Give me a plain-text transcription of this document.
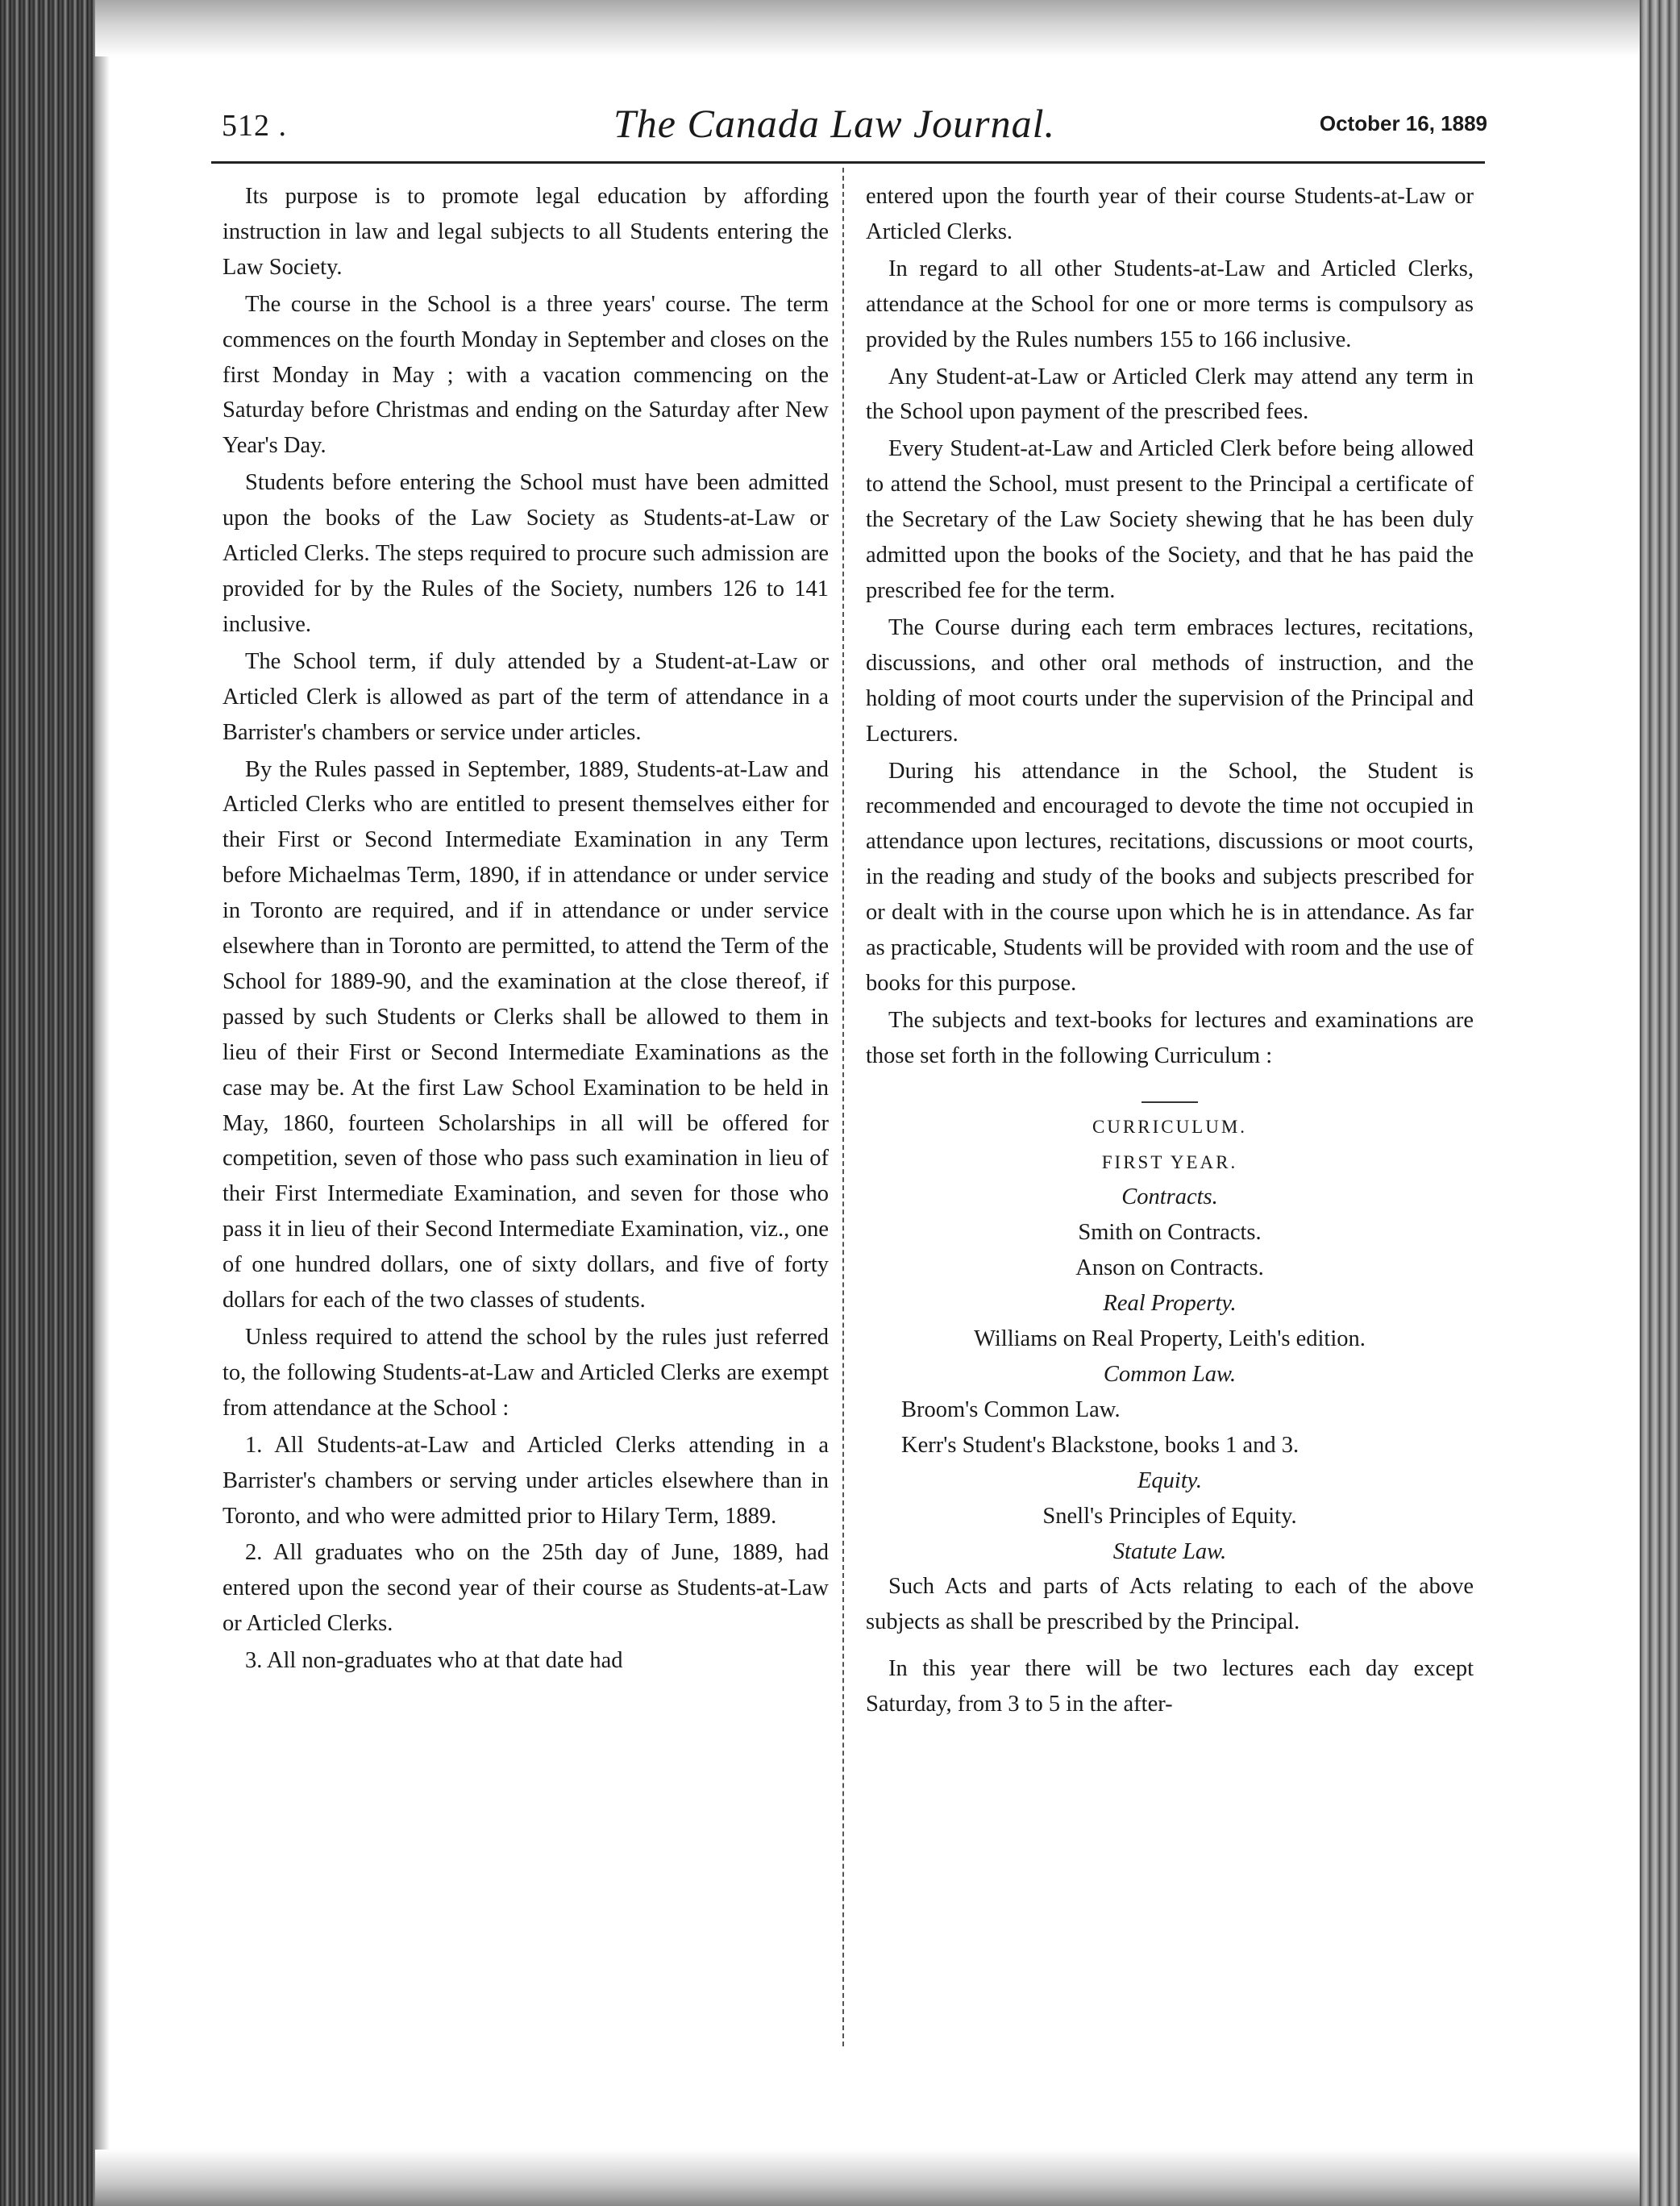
512 .	The Canada Law Journal.	October 16, 1889

Its purpose is to promote legal education by affording instruction in law and legal subjects to all Students entering the Law Society.

The course in the School is a three years' course. The term commences on the fourth Monday in September and closes on the first Monday in May ; with a vacation commencing on the Saturday before Christmas and ending on the Saturday after New Year's Day.

Students before entering the School must have been admitted upon the books of the Law Society as Students-at-Law or Articled Clerks. The steps required to procure such admission are provided for by the Rules of the Society, numbers 126 to 141 inclusive.

The School term, if duly attended by a Student-at-Law or Articled Clerk is allowed as part of the term of attendance in a Barrister's chambers or service under articles.

By the Rules passed in September, 1889, Students-at-Law and Articled Clerks who are entitled to present themselves either for their First or Second Intermediate Examination in any Term before Michaelmas Term, 1890, if in attendance or under service in Toronto are required, and if in attendance or under service elsewhere than in Toronto are permitted, to attend the Term of the School for 1889-90, and the examination at the close thereof, if passed by such Students or Clerks shall be allowed to them in lieu of their First or Second Intermediate Examinations as the case may be. At the first Law School Examination to be held in May, 1860, fourteen Scholarships in all will be offered for competition, seven of those who pass such examination in lieu of their First Intermediate Examination, and seven for those who pass it in lieu of their Second Intermediate Examination, viz., one of one hundred dollars, one of sixty dollars, and five of forty dollars for each of the two classes of students.

Unless required to attend the school by the rules just referred to, the following Students-at-Law and Articled Clerks are exempt from attendance at the School :

1. All Students-at-Law and Articled Clerks attending in a Barrister's chambers or serving under articles elsewhere than in Toronto, and who were admitted prior to Hilary Term, 1889.

2. All graduates who on the 25th day of June, 1889, had entered upon the second year of their course as Students-at-Law or Articled Clerks.

3. All non-graduates who at that date had

entered upon the fourth year of their course Students-at-Law or Articled Clerks.

In regard to all other Students-at-Law and Articled Clerks, attendance at the School for one or more terms is compulsory as provided by the Rules numbers 155 to 166 inclusive.

Any Student-at-Law or Articled Clerk may attend any term in the School upon payment of the prescribed fees.

Every Student-at-Law and Articled Clerk before being allowed to attend the School, must present to the Principal a certificate of the Secretary of the Law Society shewing that he has been duly admitted upon the books of the Society, and that he has paid the prescribed fee for the term.

The Course during each term embraces lectures, recitations, discussions, and other oral methods of instruction, and the holding of moot courts under the supervision of the Principal and Lecturers.

During his attendance in the School, the Student is recommended and encouraged to devote the time not occupied in attendance upon lectures, recitations, discussions or moot courts, in the reading and study of the books and subjects prescribed for or dealt with in the course upon which he is in attendance. As far as practicable, Students will be provided with room and the use of books for this purpose.

The subjects and text-books for lectures and examinations are those set forth in the following Curriculum :

CURRICULUM.
FIRST YEAR.
Contracts.
Smith on Contracts.
Anson on Contracts.
Real Property.
Williams on Real Property, Leith's edition.
Common Law.
Broom's Common Law.
Kerr's Student's Blackstone, books 1 and 3.
Equity.
Snell's Principles of Equity.
Statute Law.

Such Acts and parts of Acts relating to each of the above subjects as shall be prescribed by the Principal.

In this year there will be two lectures each day except Saturday, from 3 to 5 in the after-
